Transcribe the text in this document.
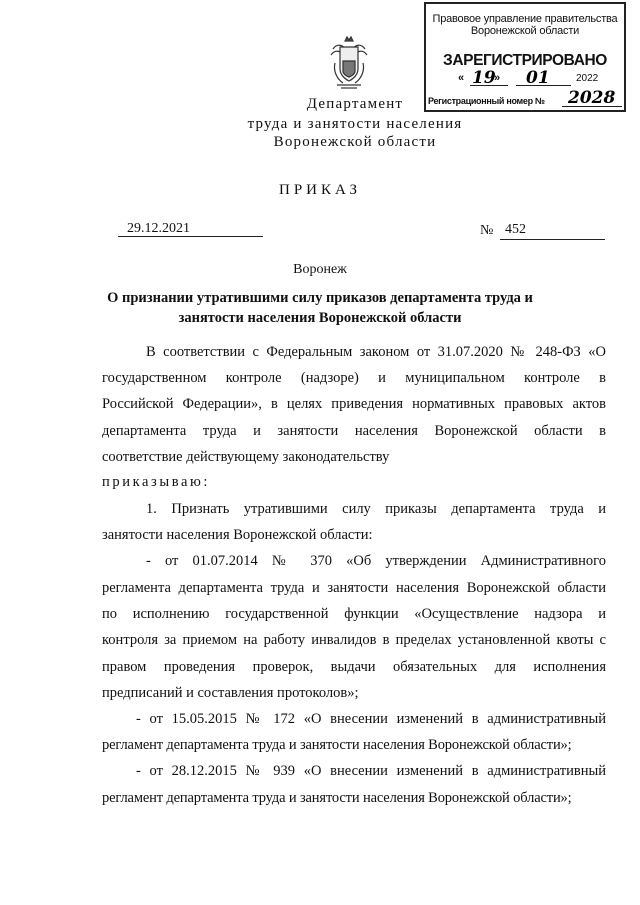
Правовое управление правительства
Воронежской области
ЗАРЕГИСТРИРОВАНО
« 19
» 01	2022
Регистрационный номер № 2028
Департамент
труда и занятости населения
Воронежской области
ПРИКАЗ
29.12.2021	№ 452
Воронеж
О признании утратившими силу приказов департамента труда и
занятости населения Воронежской области
В соответствии с Федеральным законом от 31.07.2020 № 248-ФЗ «О
государственном контроле (надзоре) и муниципальном контроле в
Российской Федерации», в целях приведения нормативных правовых актов
департамента труда и занятости населения Воронежской области в
соответствие действующему законодательству
приказываю:
1. Признать утратившими силу приказы департамента труда и
занятости населения Воронежской области:
- от 01.07.2014 № 370 «Об утверждении Административного
регламента департамента труда и занятости населения Воронежской области
по исполнению государственной функции «Осуществление надзора и
контроля за приемом на работу инвалидов в пределах установленной квоты с
правом проведения проверок, выдачи обязательных для исполнения
предписаний и составления протоколов»;
- от 15.05.2015 № 172 «О внесении изменений в административный
регламент департамента труда и занятости населения Воронежской области»;
- от 28.12.2015 № 939 «О внесении изменений в административный
регламент департамента труда и занятости населения Воронежской области»;
